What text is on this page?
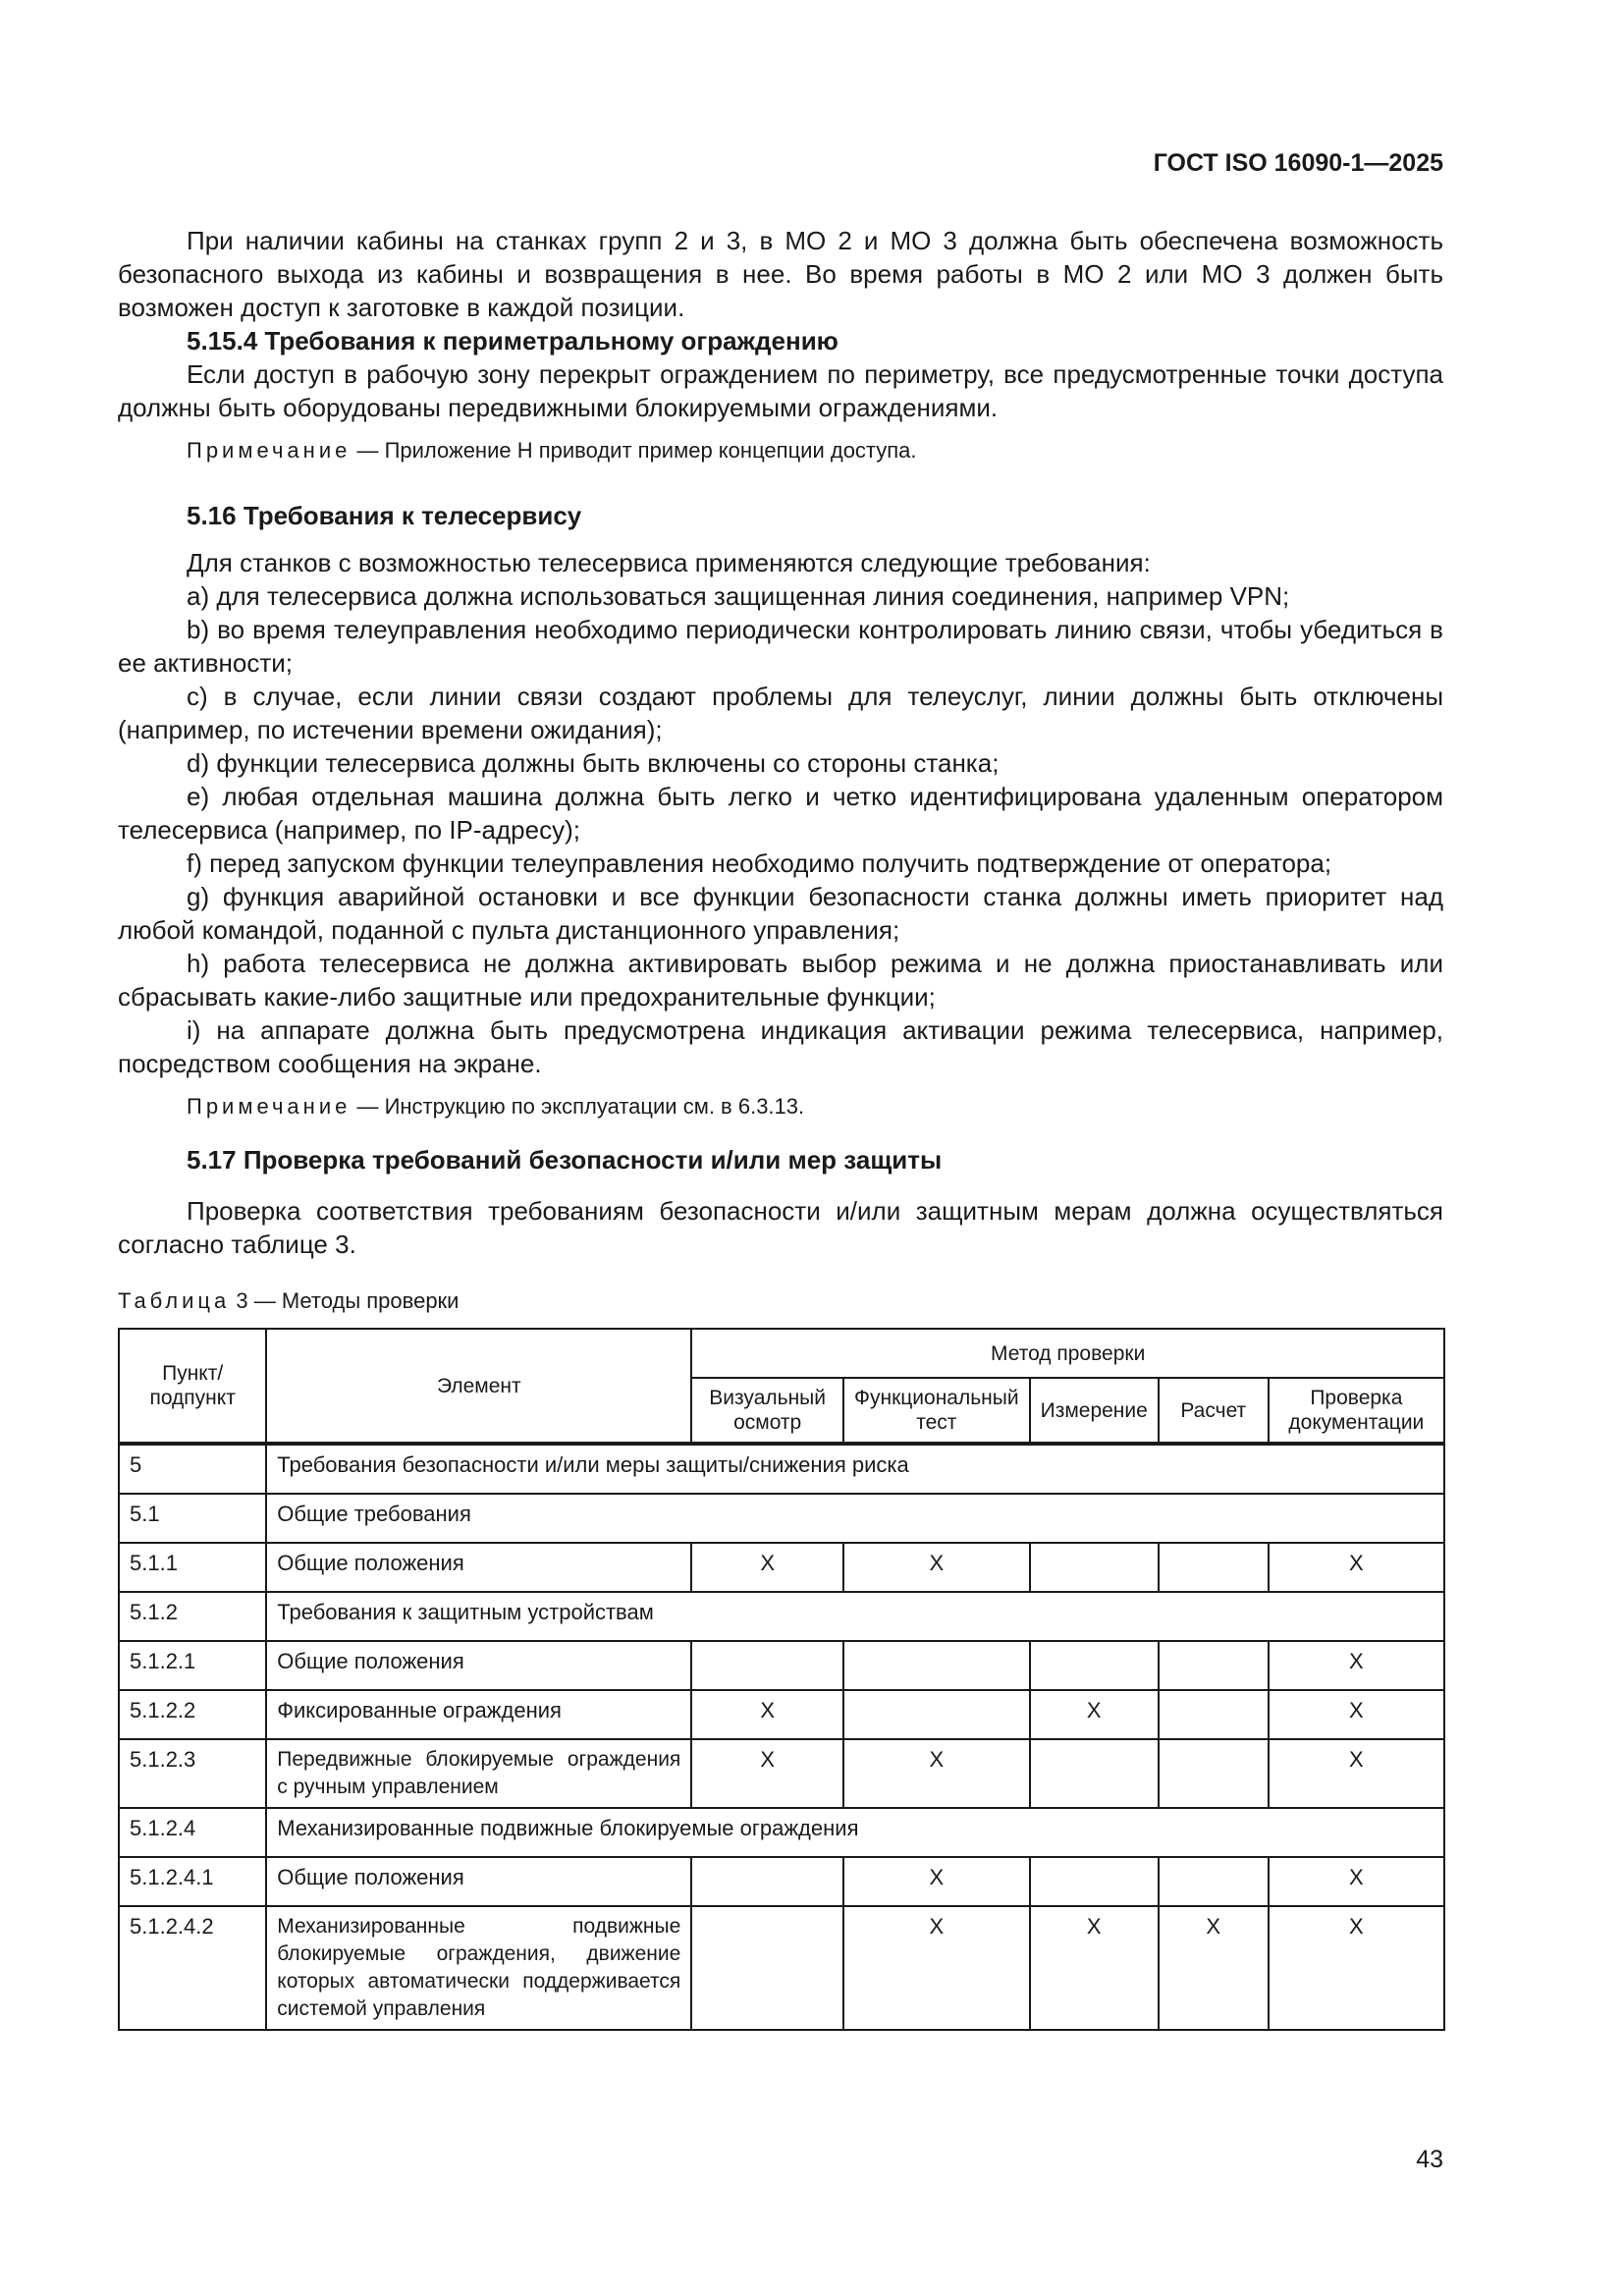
ГОСТ ISO 16090-1—2025

При наличии кабины на станках групп 2 и 3, в МО 2 и МО 3 должна быть обеспечена возможность безопасного выхода из кабины и возвращения в нее. Во время работы в МО 2 или МО 3 должен быть возможен доступ к заготовке в каждой позиции.

5.15.4 Требования к периметральному ограждению

Если доступ в рабочую зону перекрыт ограждением по периметру, все предусмотренные точки доступа должны быть оборудованы передвижными блокируемыми ограждениями.

Примечание — Приложение Н приводит пример концепции доступа.

5.16 Требования к телесервису

Для станков с возможностью телесервиса применяются следующие требования:

а) для телесервиса должна использоваться защищенная линия соединения, например VPN;

b) во время телеуправления необходимо периодически контролировать линию связи, чтобы убедиться в ее активности;

с) в случае, если линии связи создают проблемы для телеуслуг, линии должны быть отключены (например, по истечении времени ожидания);

d) функции телесервиса должны быть включены со стороны станка;

е) любая отдельная машина должна быть легко и четко идентифицирована удаленным оператором телесервиса (например, по IP-адресу);

f) перед запуском функции телеуправления необходимо получить подтверждение от оператора;

g) функция аварийной остановки и все функции безопасности станка должны иметь приоритет над любой командой, поданной с пульта дистанционного управления;

h) работа телесервиса не должна активировать выбор режима и не должна приостанавливать или сбрасывать какие-либо защитные или предохранительные функции;

i) на аппарате должна быть предусмотрена индикация активации режима телесервиса, например, посредством сообщения на экране.

Примечание — Инструкцию по эксплуатации см. в 6.3.13.

5.17 Проверка требований безопасности и/или мер защиты

Проверка соответствия требованиям безопасности и/или защитным мерам должна осуществляться согласно таблице 3.

Таблица 3 — Методы проверки
Пункт/ подпункт	Элемент	Метод проверки				
		Визуальный осмотр	Функциональный тест	Измерение	Расчет	Проверка документации
5	Требования безопасности и/или меры защиты/снижения риска					
5.1	Общие требования					
5.1.1	Общие положения	X	X			X
5.1.2	Требования к защитным устройствам					
5.1.2.1	Общие положения					X
5.1.2.2	Фиксированные ограждения	X		X		X
5.1.2.3	Передвижные блокируемые ограждения с ручным управлением	X	X			X
5.1.2.4	Механизированные подвижные блокируемые ограждения					
5.1.2.4.1	Общие положения		X			X
5.1.2.4.2	Механизированные подвижные блокируемые ограждения, движение которых автоматически поддерживается системой управления		X	X	X	X
43
